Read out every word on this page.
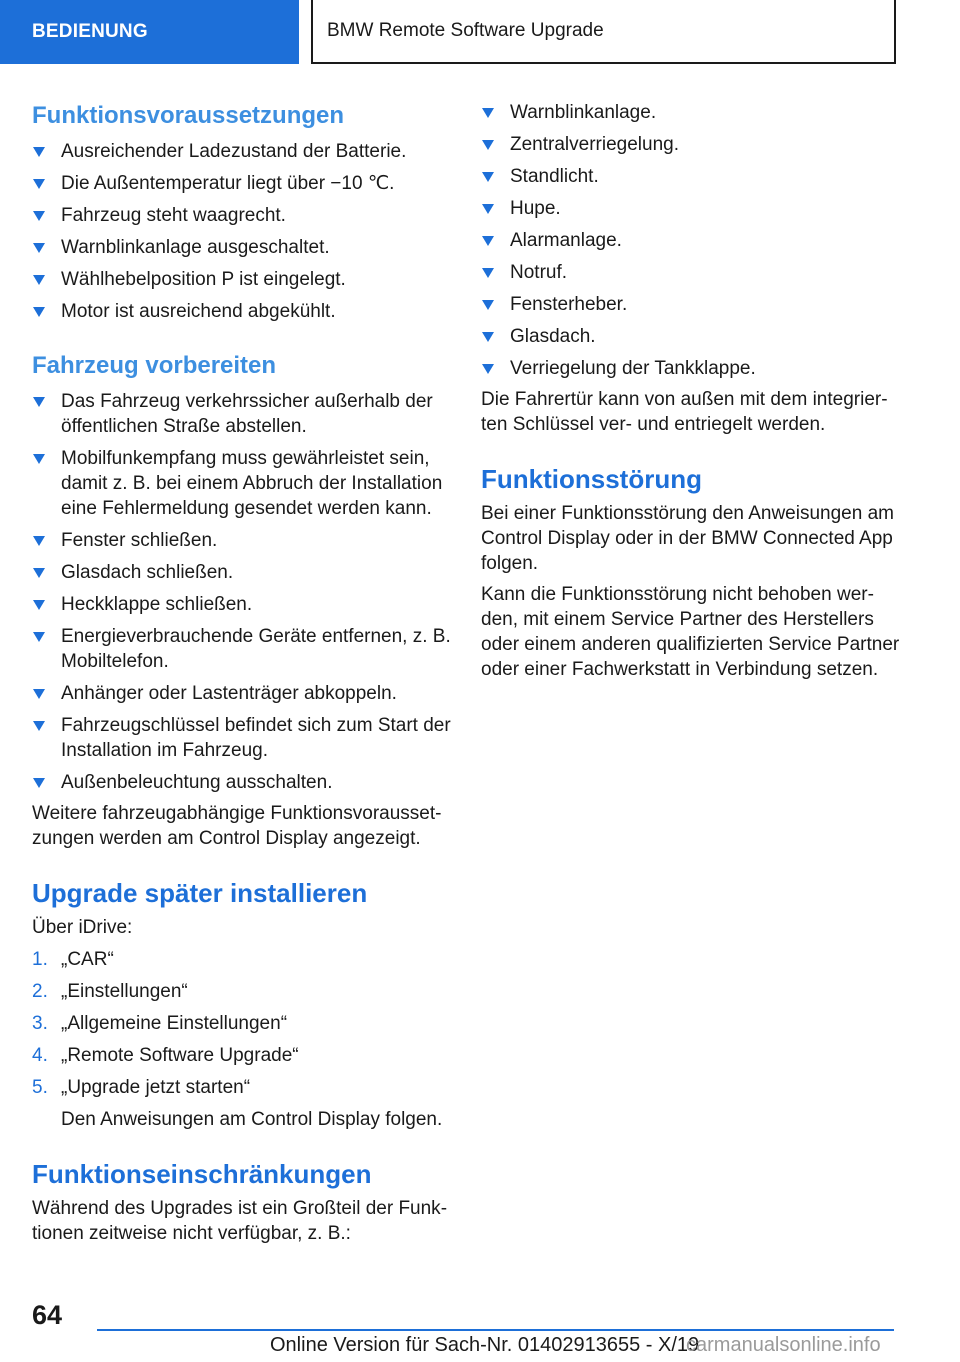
BEDIENUNG	BMW Remote Software Upgrade
Funktionsvoraussetzungen
Ausreichender Ladezustand der Batterie.
Die Außentemperatur liegt über −10 ℃.
Fahrzeug steht waagrecht.
Warnblinkanlage ausgeschaltet.
Wählhebelposition P ist eingelegt.
Motor ist ausreichend abgekühlt.
Fahrzeug vorbereiten
Das Fahrzeug verkehrssicher außerhalb der öffentlichen Straße abstellen.
Mobilfunkempfang muss gewährleistet sein, damit z. B. bei einem Abbruch der Installation eine Fehlermeldung gesendet werden kann.
Fenster schließen.
Glasdach schließen.
Heckklappe schließen.
Energieverbrauchende Geräte entfernen, z. B. Mobiltelefon.
Anhänger oder Lastenträger abkoppeln.
Fahrzeugschlüssel befindet sich zum Start der Installation im Fahrzeug.
Außenbeleuchtung ausschalten.

Weitere fahrzeugabhängige Funktionsvoraussetzungen werden am Control Display angezeigt.

Upgrade später installieren

Über iDrive:

1. „CAR“
2. „Einstellungen“
3. „Allgemeine Einstellungen“
4. „Remote Software Upgrade“
5. „Upgrade jetzt starten“
Den Anweisungen am Control Display folgen.
Funktionseinschränkungen

Während des Upgrades ist ein Großteil der Funktionen zeitweise nicht verfügbar, z. B.:

Warnblinkanlage.
Zentralverriegelung.
Standlicht.
Hupe.
Alarmanlage.
Notruf.
Fensterheber.
Glasdach.
Verriegelung der Tankklappe.

Die Fahrertür kann von außen mit dem integrierten Schlüssel ver- und entriegelt werden.

Funktionsstörung

Bei einer Funktionsstörung den Anweisungen am Control Display oder in der BMW Connected App folgen.

Kann die Funktionsstörung nicht behoben werden, mit einem Service Partner des Herstellers oder einem anderen qualifizierten Service Partner oder einer Fachwerkstatt in Verbindung setzen.

64
Online Version für Sach-Nr. 01402913655 - X/19
carmanualsonline.info
